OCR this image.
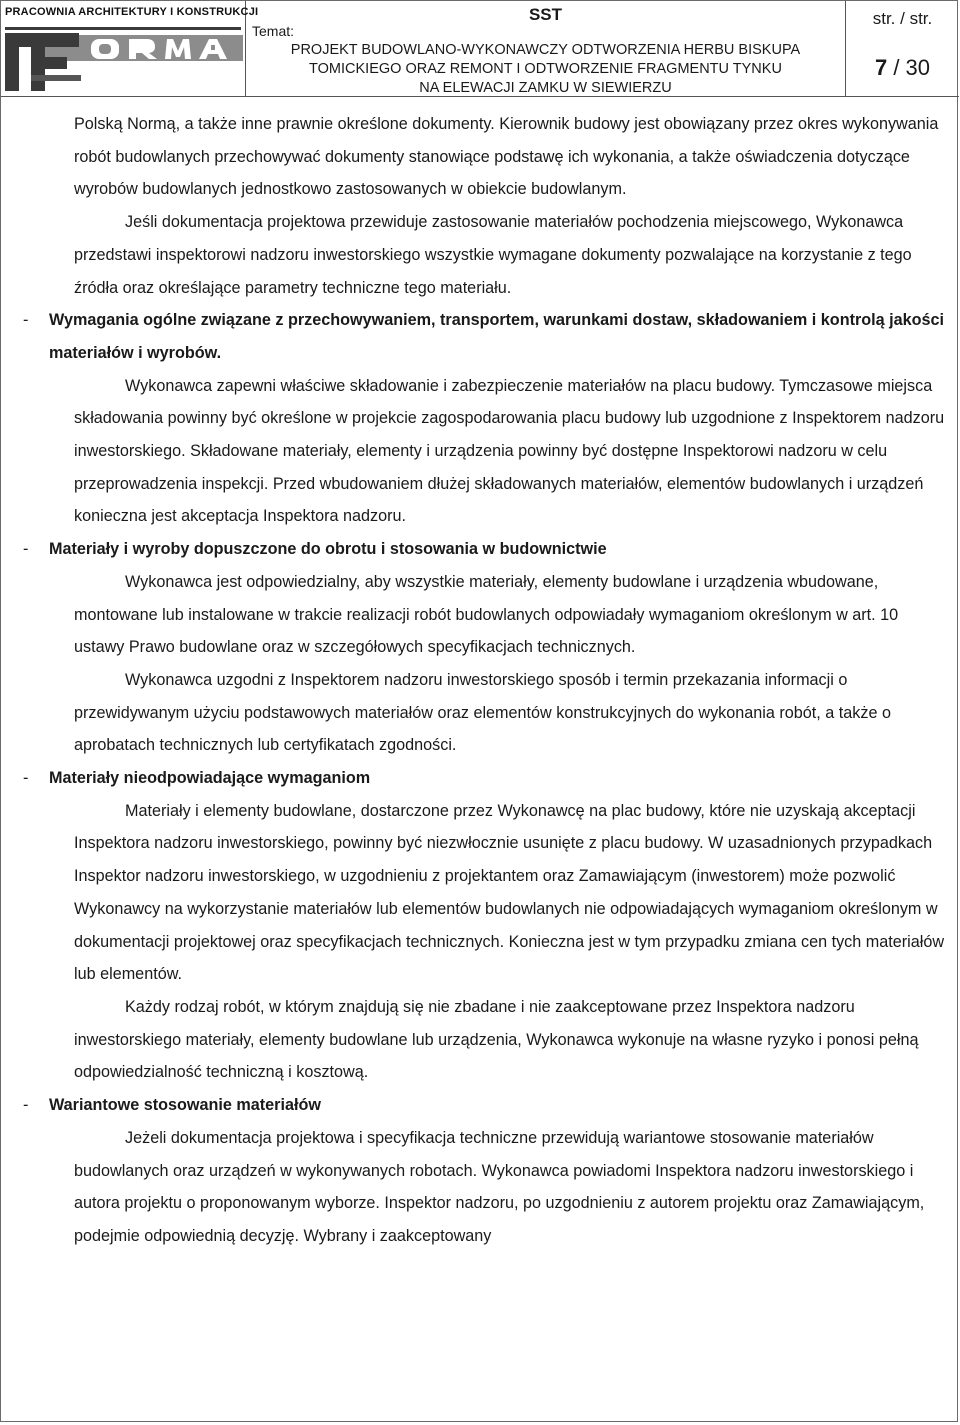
PRACOWNIA ARCHITEKTURY I KONSTRUKCJI	SST
Temat:
PROJEKT BUDOWLANO-WYKONAWCZY ODTWORZENIA HERBU BISKUPA
TOMICKIEGO ORAZ REMONT I ODTWORZENIE FRAGMENTU TYNKU
NA ELEWACJI ZAMKU W SIEWIERZU
str. / str.
7 / 30

Polską Normą, a także inne prawnie określone dokumenty. Kierownik budowy jest obowiązany przez okres wykonywania robót budowlanych przechowywać dokumenty stanowiące podstawę ich wykonania, a także oświadczenia dotyczące wyrobów budowlanych jednostkowo zastosowanych w obiekcie budowlanym.

Jeśli dokumentacja projektowa przewiduje zastosowanie materiałów pochodzenia miejscowego, Wykonawca przedstawi inspektorowi nadzoru inwestorskiego wszystkie wymagane dokumenty pozwalające na korzystanie z tego źródła oraz określające parametry techniczne tego materiału.

- Wymagania ogólne związane z przechowywaniem, transportem, warunkami dostaw, składowaniem i kontrolą jakości materiałów i wyrobów.

Wykonawca zapewni właściwe składowanie i zabezpieczenie materiałów na placu budowy. Tymczasowe miejsca składowania powinny być określone w projekcie zagospodarowania placu budowy lub uzgodnione z Inspektorem nadzoru inwestorskiego. Składowane materiały, elementy i urządzenia powinny być dostępne Inspektorowi nadzoru w celu przeprowadzenia inspekcji. Przed wbudowaniem dłużej składowanych materiałów, elementów budowlanych i urządzeń konieczna jest akceptacja Inspektora nadzoru.

- Materiały i wyroby dopuszczone do obrotu i stosowania w budownictwie

Wykonawca jest odpowiedzialny, aby wszystkie materiały, elementy budowlane i urządzenia wbudowane, montowane lub instalowane w trakcie realizacji robót budowlanych odpowiadały wymaganiom określonym w art. 10 ustawy Prawo budowlane oraz w szczegółowych specyfikacjach technicznych.

Wykonawca uzgodni z Inspektorem nadzoru inwestorskiego sposób i termin przekazania informacji o przewidywanym użyciu podstawowych materiałów oraz elementów konstrukcyjnych do wykonania robót, a także o aprobatach technicznych lub certyfikatach zgodności.

- Materiały nieodpowiadające wymaganiom

Materiały i elementy budowlane, dostarczone przez Wykonawcę na plac budowy, które nie uzyskają akceptacji Inspektora nadzoru inwestorskiego, powinny być niezwłocznie usunięte z placu budowy. W uzasadnionych przypadkach Inspektor nadzoru inwestorskiego, w uzgodnieniu z projektantem oraz Zamawiającym (inwestorem) może pozwolić Wykonawcy na wykorzystanie materiałów lub elementów budowlanych nie odpowiadających wymaganiom określonym w dokumentacji projektowej oraz specyfikacjach technicznych. Konieczna jest w tym przypadku zmiana cen tych materiałów lub elementów.

Każdy rodzaj robót, w którym znajdują się nie zbadane i nie zaakceptowane przez Inspektora nadzoru inwestorskiego materiały, elementy budowlane lub urządzenia, Wykonawca wykonuje na własne ryzyko i ponosi pełną odpowiedzialność techniczną i kosztową.

- Wariantowe stosowanie materiałów

Jeżeli dokumentacja projektowa i specyfikacja techniczne przewidują wariantowe stosowanie materiałów budowlanych oraz urządzeń w wykonywanych robotach. Wykonawca powiadomi Inspektora nadzoru inwestorskiego i autora projektu o proponowanym wyborze. Inspektor nadzoru, po uzgodnieniu z autorem projektu oraz Zamawiającym, podejmie odpowiednią decyzję. Wybrany i zaakceptowany
